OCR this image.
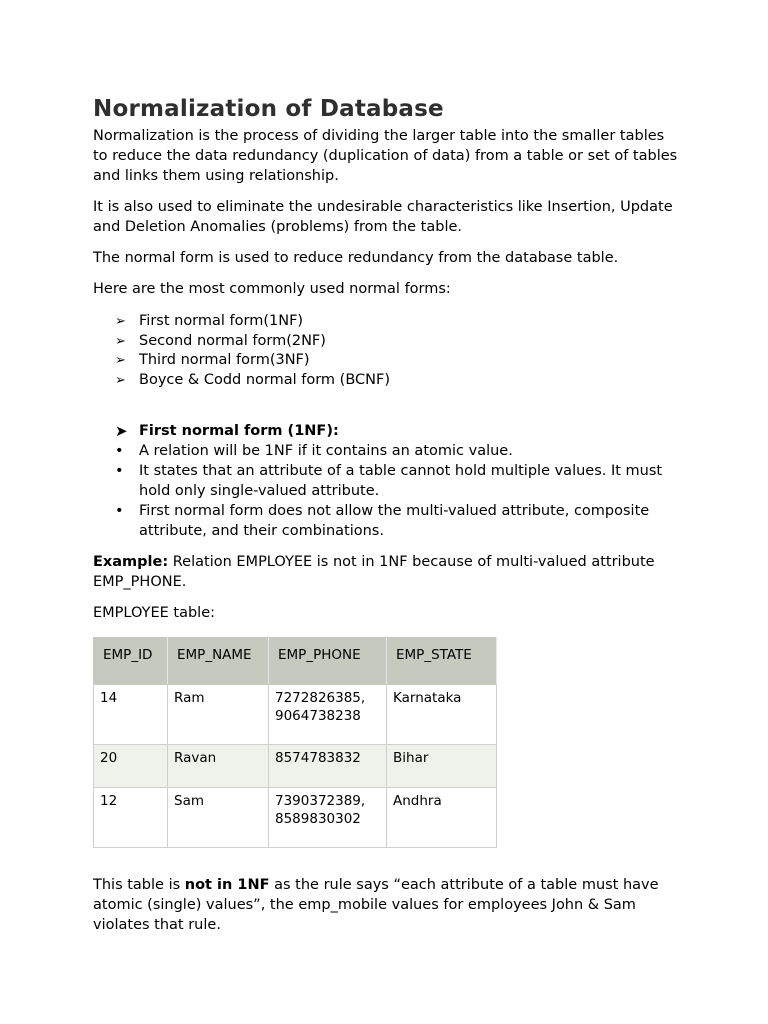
Normalization of Database

Normalization is the process of dividing the larger table into the smaller tables to reduce the data redundancy (duplication of data) from a table or set of tables and links them using relationship.

It is also used to eliminate the undesirable characteristics like Insertion, Update and Deletion Anomalies (problems) from the table.

The normal form is used to reduce redundancy from the database table.

Here are the most commonly used normal forms:

➢ First normal form(1NF)
➢ Second normal form(2NF)
➢ Third normal form(3NF)
➢ Boyce & Codd normal form (BCNF)
➤ First normal form (1NF):
• A relation will be 1NF if it contains an atomic value.
• It states that an attribute of a table cannot hold multiple values. It must hold only single-valued attribute.
• First normal form does not allow the multi-valued attribute, composite attribute, and their combinations.

Example: Relation EMPLOYEE is not in 1NF because of multi-valued attribute EMP_PHONE.

EMPLOYEE table:

EMP_ID	EMP_NAME	EMP_PHONE	EMP_STATE
14	Ram	7272826385, 9064738238	Karnataka
20	Ravan	8574783832	Bihar
12	Sam	7390372389, 8589830302	Andhra

This table is not in 1NF as the rule says “each attribute of a table must have atomic (single) values”, the emp_mobile values for employees John & Sam violates that rule.
